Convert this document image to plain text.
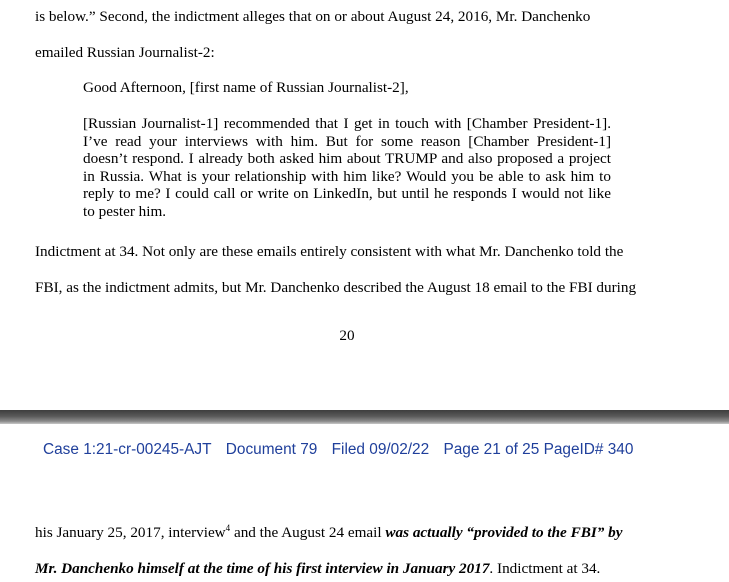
is below.” Second, the indictment alleges that on or about August 24, 2016, Mr. Danchenko

emailed Russian Journalist-2:

Good Afternoon, [first name of Russian Journalist-2],

[Russian Journalist-1] recommended that I get in touch with [Chamber President-1]. I’ve read your interviews with him. But for some reason [Chamber President-1] doesn’t respond. I already both asked him about TRUMP and also proposed a project in Russia. What is your relationship with him like? Would you be able to ask him to reply to me? I could call or write on LinkedIn, but until he responds I would not like to pester him.

Indictment at 34. Not only are these emails entirely consistent with what Mr. Danchenko told the

FBI, as the indictment admits, but Mr. Danchenko described the August 18 email to the FBI during

20
Case 1:21-cr-00245-AJT Document 79 Filed 09/02/22 Page 21 of 25 PageID# 340

his January 25, 2017, interview$^4$ and the August 24 email was actually “provided to the FBI” by

Mr. Danchenko himself at the time of his first interview in January 2017. Indictment at 34.
